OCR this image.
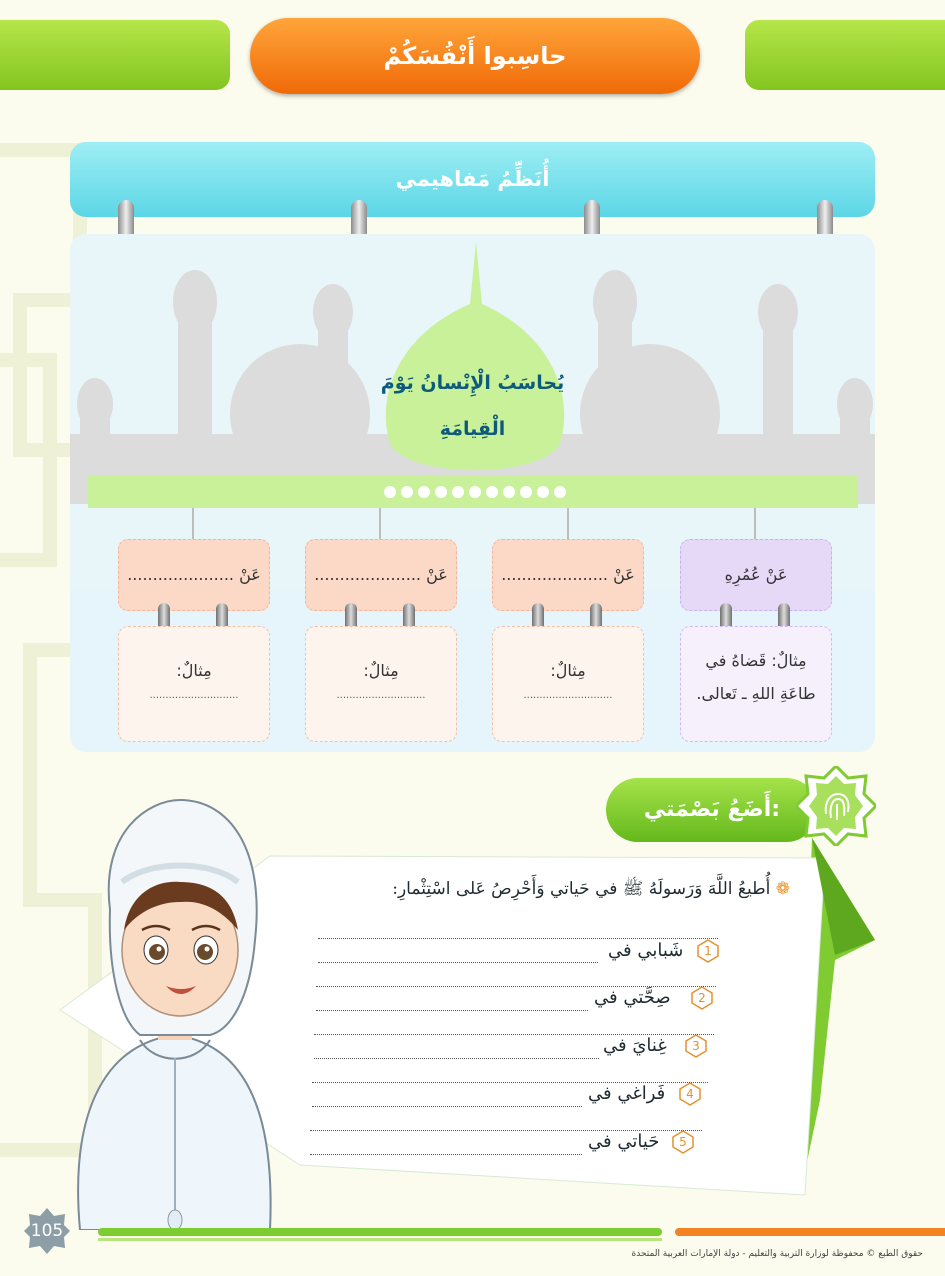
حاسِبوا أَنْفُسَكُمْ
أُنَظِّمُ مَفاهيمي
يُحاسَبُ الْإِنْسانُ يَوْمَ
الْقِيامَةِ
عَنْ عُمُرِهِ
عَنْ .....................
عَنْ .....................
عَنْ .....................
مِثالٌ: قَضاهُ في
طاعَةِ اللهِ ـ تَعالى.
مِثالٌ:
............................
مِثالٌ:
............................
مِثالٌ:
............................
أَضَعُ بَصْمَتي:
❁ أُطيعُ اللَّهَ وَرَسولَهُ ﷺ في حَياتي وَأَحْرِصُ عَلى اسْتِثْمارِ:
شَبابي في	1
صِحَّتي في	2
غِنايَ في	3
فَراغي في	4
حَياتي في	5
105
حقوق الطبع © محفوظة لوزارة التربية والتعليم - دولة الإمارات العربية المتحدة
